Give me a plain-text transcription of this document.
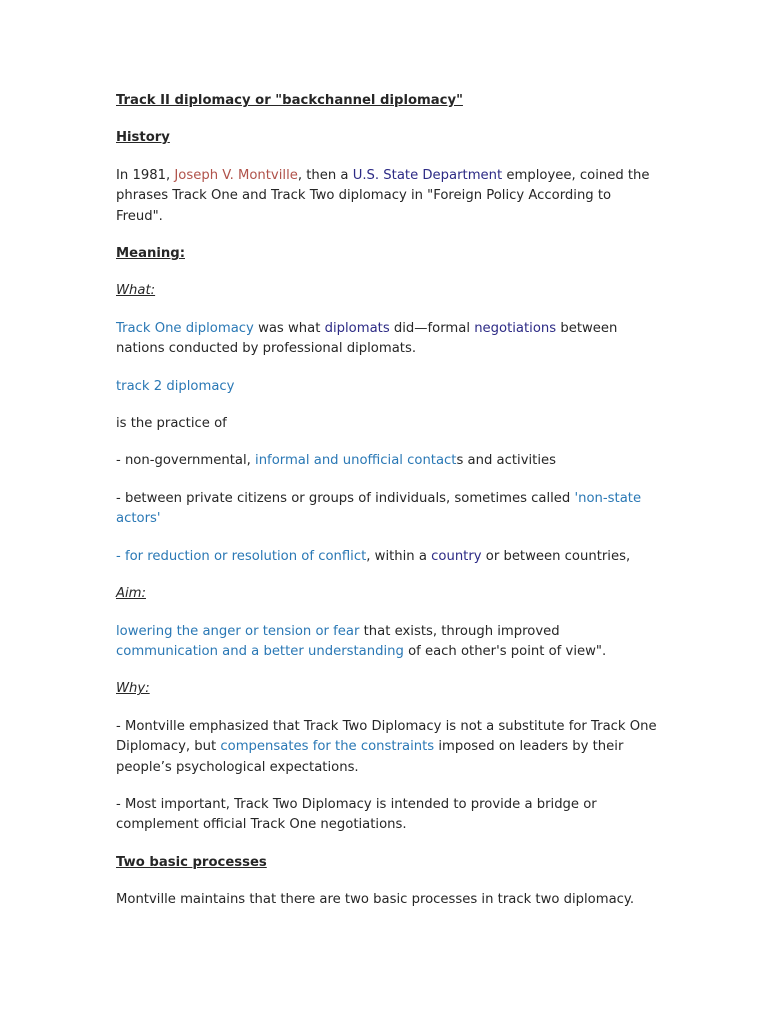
Track II diplomacy or "backchannel diplomacy"

History

In 1981, Joseph V. Montville, then a U.S. State Department employee, coined the phrases Track One and Track Two diplomacy in "Foreign Policy According to Freud".

Meaning:

What:

Track One diplomacy was what diplomats did—formal negotiations between nations conducted by professional diplomats.

track 2 diplomacy

is the practice of

- non-governmental, informal and unofficial contacts and activities

- between private citizens or groups of individuals, sometimes called 'non-state actors'

- for reduction or resolution of conflict, within a country or between countries,

Aim:

lowering the anger or tension or fear that exists, through improved communication and a better understanding of each other's point of view".

Why:

- Montville emphasized that Track Two Diplomacy is not a substitute for Track One Diplomacy, but compensates for the constraints imposed on leaders by their people’s psychological expectations.

- Most important, Track Two Diplomacy is intended to provide a bridge or complement official Track One negotiations.

Two basic processes

Montville maintains that there are two basic processes in track two diplomacy.
